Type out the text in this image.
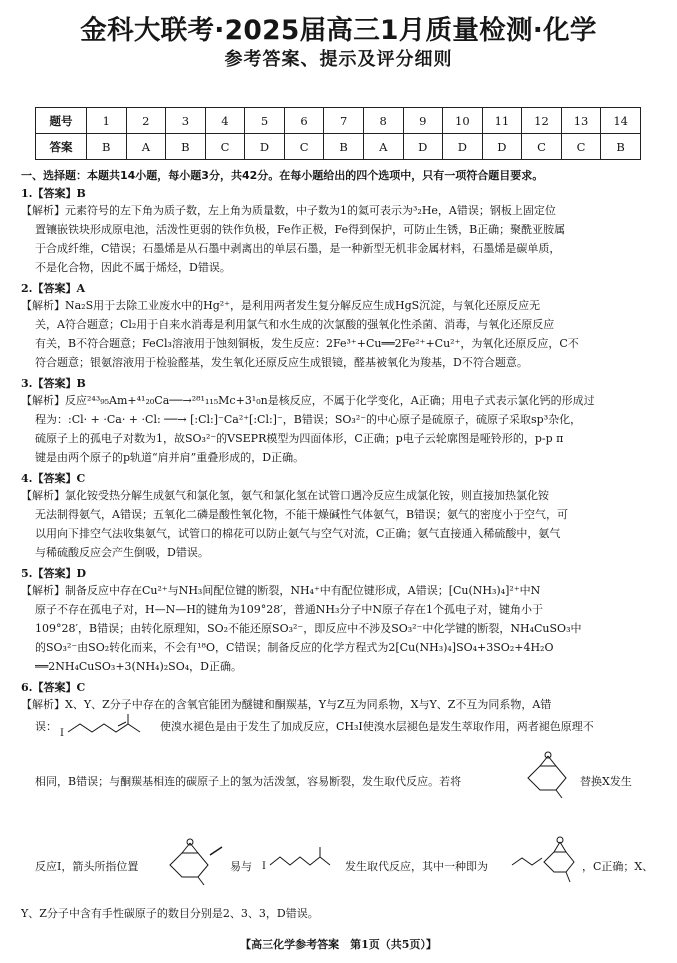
金科大联考·2025届高三1月质量检测·化学
参考答案、提示及评分细则
题号	1	2	3	4	5	6	7	8	9	10	11	12	13	14
答案	B	A	B	C	D	C	B	A	D	D	D	C	C	B
一、选择题：本题共14小题，每小题3分，共42分。在每小题给出的四个选项中，只有一项符合题目要求。
1.【答案】B
【解析】元素符号的左下角为质子数，左上角为质量数，中子数为1的氦可表示为³₂He，A错误；钢板上固定位
置镶嵌铁块形成原电池，活泼性更弱的铁作负极，Fe作正极，Fe得到保护，可防止生锈，B正确；聚酰亚胺属
于合成纤维，C错误；石墨烯是从石墨中剥离出的单层石墨，是一种新型无机非金属材料，石墨烯是碳单质，
不是化合物，因此不属于烯烃，D错误。
2.【答案】A
【解析】Na₂S用于去除工业废水中的Hg²⁺，是利用两者发生复分解反应生成HgS沉淀，与氧化还原反应无
关，A符合题意；Cl₂用于自来水消毒是利用氯气和水生成的次氯酸的强氧化性杀菌、消毒，与氧化还原反应
有关，B不符合题意；FeCl₃溶液用于蚀刻铜板，发生反应：2Fe³⁺+Cu══2Fe²⁺+Cu²⁺，为氧化还原反应，C不
符合题意；银氨溶液用于检验醛基，发生氧化还原反应生成银镜，醛基被氧化为羧基，D不符合题意。
3.【答案】B
【解析】反应²⁴³₉₅Am+⁴¹₂₀Ca──→²⁸¹₁₁₅Mc+3¹₀n是核反应，不属于化学变化，A正确；用电子式表示氯化钙的形成过
程为：:Cl· + ·Ca· + ·Cl: ──→ [:Cl:]⁻Ca²⁺[:Cl:]⁻，B错误；SO₃²⁻的中心原子是硫原子，硫原子采取sp³杂化，
硫原子上的孤电子对数为1，故SO₃²⁻的VSEPR模型为四面体形，C正确；p电子云轮廓图是哑铃形的，p-p π
键是由两个原子的p轨道“肩并肩”重叠形成的，D正确。
4.【答案】C
【解析】氯化铵受热分解生成氨气和氯化氢，氨气和氯化氢在试管口遇冷反应生成氯化铵，则直接加热氯化铵
无法制得氨气，A错误；五氧化二磷是酸性氧化物，不能干燥碱性气体氨气，B错误；氨气的密度小于空气，可
以用向下排空气法收集氨气，试管口的棉花可以防止氨气与空气对流，C正确；氨气直接通入稀硫酸中，氨气
与稀硫酸反应会产生倒吸，D错误。
5.【答案】D
【解析】制备反应中存在Cu²⁺与NH₃间配位键的断裂，NH₄⁺中有配位键形成，A错误；[Cu(NH₃)₄]²⁺中N
原子不存在孤电子对，H—N—H的键角为109°28′，普通NH₃分子中N原子存在1个孤电子对，键角小于
109°28′，B错误；由转化原理知，SO₂不能还原SO₃²⁻，即反应中不涉及SO₃²⁻中化学键的断裂，NH₄CuSO₃中
的SO₃²⁻由SO₂转化而来，不会有¹⁸O，C错误；制备反应的化学方程式为2[Cu(NH₃)₄]SO₄+3SO₂+4H₂O
══2NH₄CuSO₃+3(NH₄)₂SO₄，D正确。
6.【答案】C
【解析】X、Y、Z分子中存在的含氧官能团为醚键和酮羰基，Y与Z互为同系物，X与Y、Z不互为同系物，A错
误：
I
使溴水褪色是由于发生了加成反应，CH₃I使溴水层褪色是发生萃取作用，两者褪色原理不
相同，B错误；与酮羰基相连的碳原子上的氢为活泼氢，容易断裂，发生取代反应。若将	替换X发生
反应Ⅰ，箭头所指位置	易与	I	发生取代反应，其中一种即为	，C正确；X、
Y、Z分子中含有手性碳原子的数目分别是2、3、3，D错误。
【高三化学参考答案　第1页（共5页）】
